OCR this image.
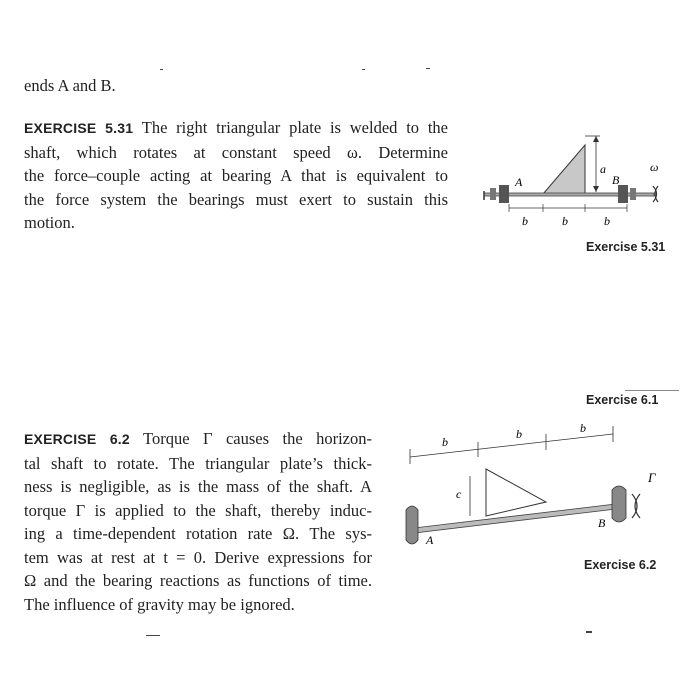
ends A and B.
EXERCISE 5.31 The right triangular plate is welded to the
shaft, which rotates at constant speed ω. Determine
the force–couple acting at bearing A that is equivalent to
the force system the bearings must exert to sustain this
motion.
A	B
a	ω
b	b	b
Exercise 5.31
Exercise 6.1
EXERCISE 6.2 Torque Γ causes the horizon-
tal shaft to rotate. The triangular plate’s thick-
ness is negligible, as is the mass of the shaft. A
torque Γ is applied to the shaft, thereby induc-
ing a time-dependent rotation rate Ω. The sys-
tem was at rest at t = 0. Derive expressions for
Ω and the bearing reactions as functions of time.
The influence of gravity may be ignored.
b
b	b
c
A
B
Γ
Exercise 6.2
